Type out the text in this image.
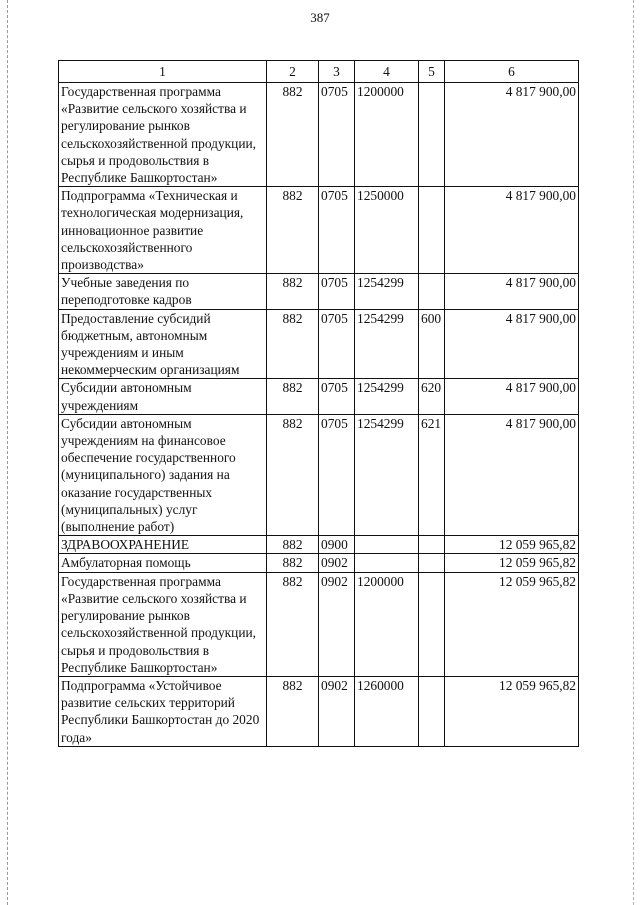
387
1	2	3	4	5	6
Государственная программа «Развитие сельского хозяйства и регулирование рынков сельскохозяйственной продукции, сырья и продовольствия в Республике Башкортостан»	882	0705	1200000		4 817 900,00
Подпрограмма «Техническая и технологическая модернизация, инновационное развитие сельскохозяйственного производства»	882	0705	1250000		4 817 900,00
Учебные заведения по переподготовке кадров	882	0705	1254299		4 817 900,00
Предоставление субсидий бюджетным, автономным учреждениям и иным некоммерческим организациям	882	0705	1254299	600	4 817 900,00
Субсидии автономным учреждениям	882	0705	1254299	620	4 817 900,00
Субсидии автономным учреждениям на финансовое обеспечение государственного (муниципального) задания на оказание государственных (муниципальных) услуг (выполнение работ)	882	0705	1254299	621	4 817 900,00
ЗДРАВООХРАНЕНИЕ	882	0900			12 059 965,82
Амбулаторная помощь	882	0902			12 059 965,82
Государственная программа «Развитие сельского хозяйства и регулирование рынков сельскохозяйственной продукции, сырья и продовольствия в Республике Башкортостан»	882	0902	1200000		12 059 965,82
Подпрограмма «Устойчивое развитие сельских территорий Республики Башкортостан до 2020 года»	882	0902	1260000		12 059 965,82
